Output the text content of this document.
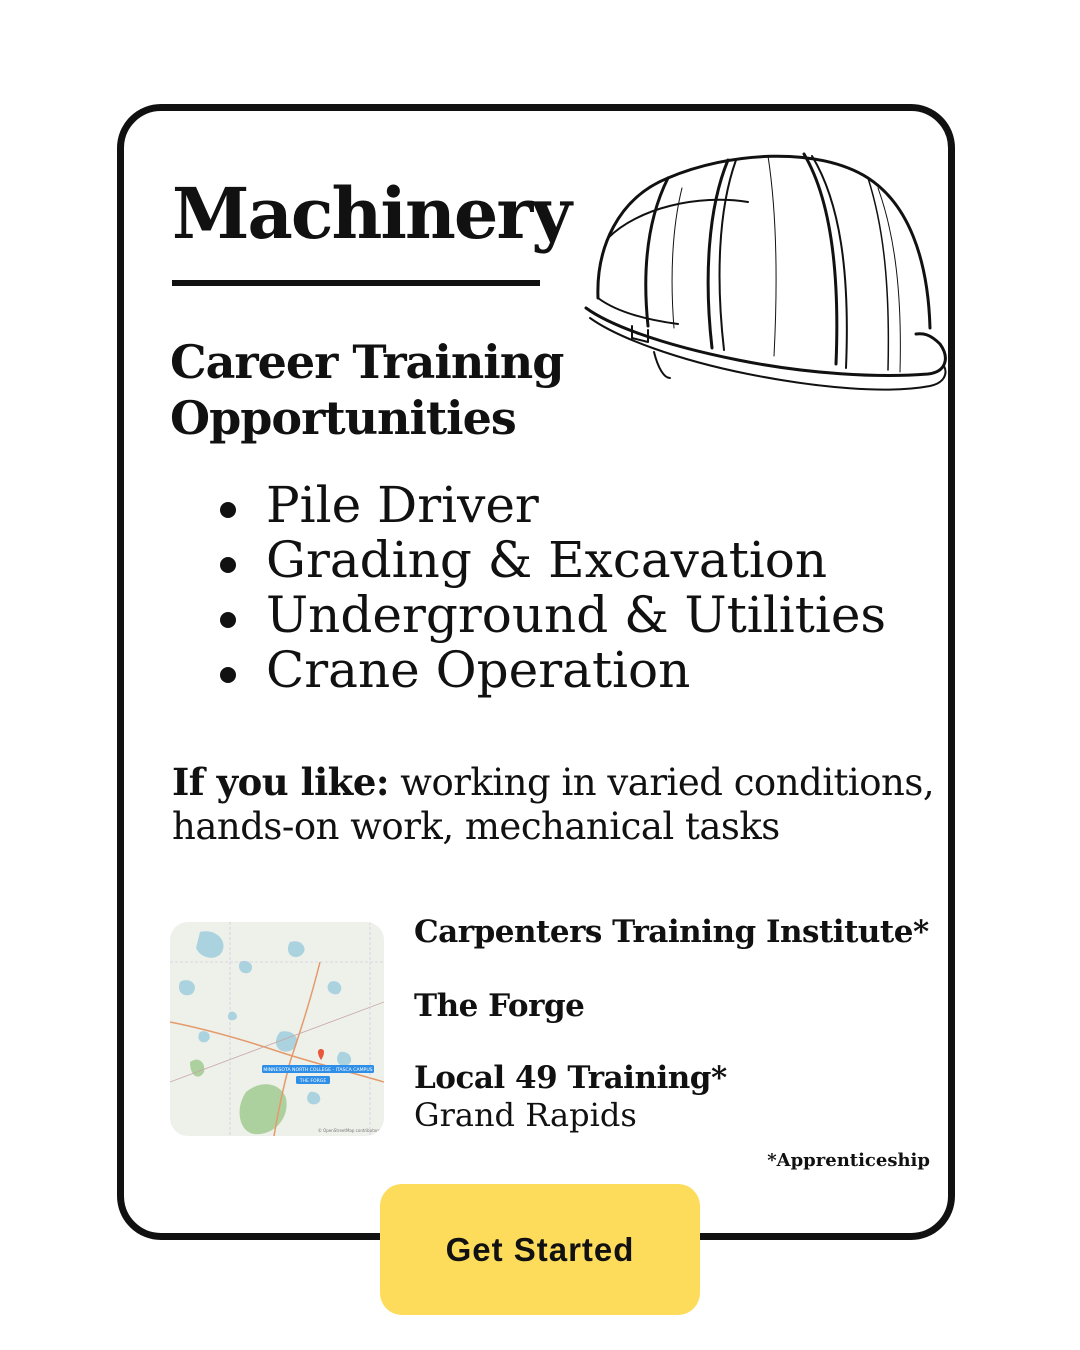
Machinery
Career Training Opportunities
Pile Driver
Grading & Excavation
Underground & Utilities
Crane Operation

If you like: working in varied conditions, hands-on work, mechanical tasks

MINNESOTA NORTH COLLEGE - ITASCA CAMPUS
THE FORGE
© OpenStreetMap contributors

Carpenters Training Institute*

The Forge

Local 49 Training*

Grand Rapids

*Apprenticeship

Get Started
